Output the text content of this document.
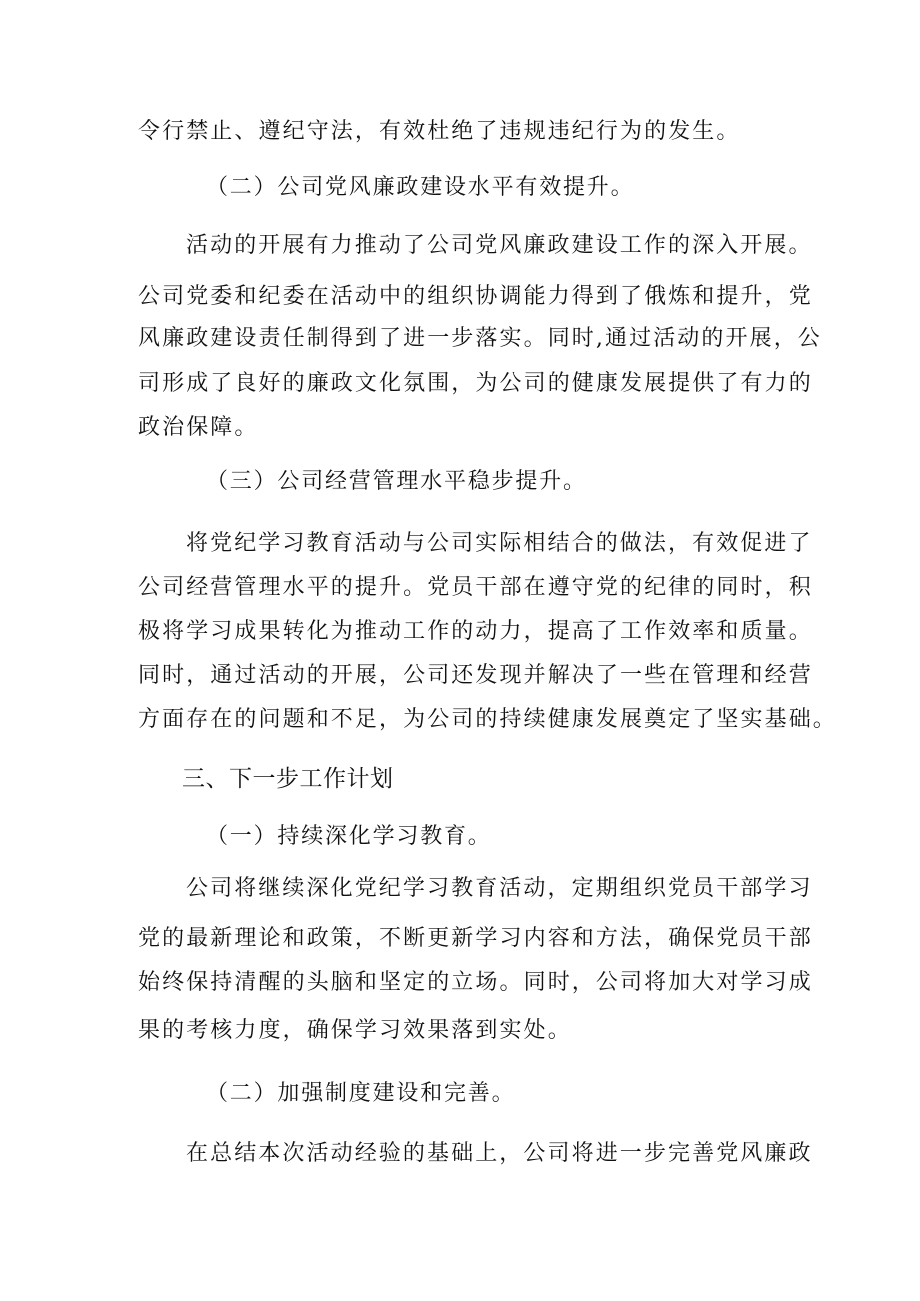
令行禁止、遵纪守法，有效杜绝了违规违纪行为的发生。
（二）公司党风廉政建设水平有效提升。
活动的开展有力推动了公司党风廉政建设工作的深入开展。
公司党委和纪委在活动中的组织协调能力得到了俄炼和提升，党
风廉政建设责任制得到了进一步落实。同时,通过活动的开展，公
司形成了良好的廉政文化氛围，为公司的健康发展提供了有力的
政治保障。
（三）公司经营管理水平稳步提升。
将党纪学习教育活动与公司实际相结合的做法，有效促进了
公司经营管理水平的提升。党员干部在遵守党的纪律的同时，积
极将学习成果转化为推动工作的动力，提高了工作效率和质量。
同时，通过活动的开展，公司还发现并解决了一些在管理和经营
方面存在的问题和不足，为公司的持续健康发展奠定了坚实基础。
三、下一步工作计划
（一）持续深化学习教育。
公司将继续深化党纪学习教育活动，定期组织党员干部学习
党的最新理论和政策，不断更新学习内容和方法，确保党员干部
始终保持清醒的头脑和坚定的立场。同时，公司将加大对学习成
果的考核力度，确保学习效果落到实处。
（二）加强制度建设和完善。
在总结本次活动经验的基础上，公司将进一步完善党风廉政
